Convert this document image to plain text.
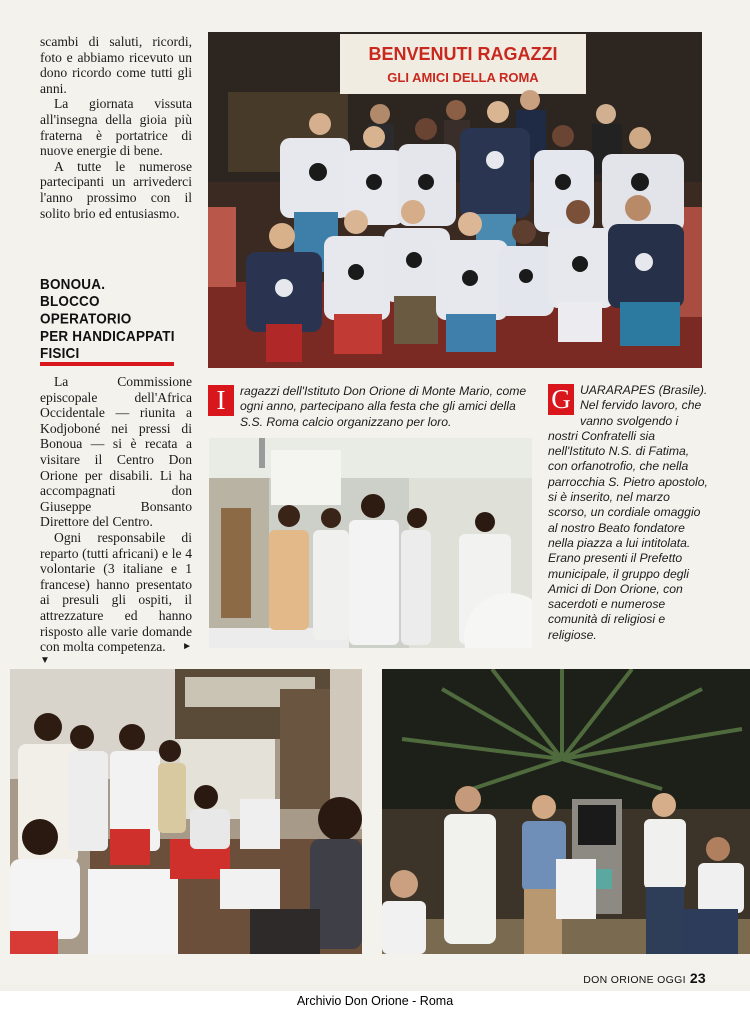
scambi di saluti, ricordi, foto e abbiamo ricevuto un dono ricordo come tutti gli anni.

La giornata vissuta all'insegna della gioia più fraterna è portatrice di nuove energie di bene.

A tutte le numerose partecipanti un arrivederci l'anno prossimo con il solito brio ed entusiasmo.

BONOUA.
BLOCCO
OPERATORIO
PER HANDICAPPATI
FISICI

La Commissione episcopale dell'Africa Occidentale — riunita a Kodjoboné nei pressi di Bonoua — si è recata a visitare il Centro Don Orione per disabili. Li ha accompagnati don Giuseppe Bonsanto Direttore del Centro.

Ogni responsabile di reparto (tutti africani) e le 4 volontarie (3 italiane e 1 francese) hanno presentato ai presuli gli ospiti, il attrezzature ed hanno risposto alle varie domande con molta competenza.	►

▼
BENVENUTI RAGAZZI
GLI AMICI DELLA ROMA
I	ragazzi dell'Istituto Don Orione di Monte Mario, come ogni anno, partecipano alla festa che gli amici della S.S. Roma calcio organizzano per loro.
G UARARAPES (Brasile). Nel fervido lavoro, che vanno svolgendo i nostri Confratelli sia nell'Istituto N.S. di Fatima, con orfanotrofio, che nella parrocchia S. Pietro apostolo, si è inserito, nel marzo scorso, un cordiale omaggio al nostro Beato fondatore nella piazza a lui intitolata. Erano presenti il Prefetto municipale, il gruppo degli Amici di Don Orione, con sacerdoti e numerose comunità di religiosi e religiose.
DON ORIONE OGGI 23
Archivio Don Orione - Roma
